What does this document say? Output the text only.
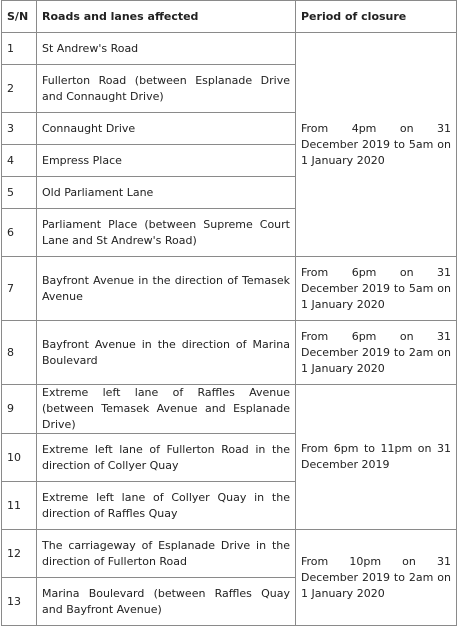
S/N	Roads and lanes affected	Period of closure
1	St Andrew's Road	From 4pm on 31 December 2019 to 5am on 1 January 2020
2	Fullerton Road (between Esplanade Drive and Connaught Drive)	
3	Connaught Drive	
4	Empress Place	
5	Old Parliament Lane	
6	Parliament Place (between Supreme Court Lane and St Andrew's Road)	
7	Bayfront Avenue in the direction of Temasek Avenue	From 6pm on 31 December 2019 to 5am on 1 January 2020
8	Bayfront Avenue in the direction of Marina Boulevard	From 6pm on 31 December 2019 to 2am on 1 January 2020
9	Extreme left lane of Raffles Avenue (between Temasek Avenue and Esplanade Drive)	From 6pm to 11pm on 31 December 2019
10	Extreme left lane of Fullerton Road in the direction of Collyer Quay	
11	Extreme left lane of Collyer Quay in the direction of Raffles Quay	
12	The carriageway of Esplanade Drive in the direction of Fullerton Road	From 10pm on 31 December 2019 to 2am on 1 January 2020
13	Marina Boulevard (between Raffles Quay and Bayfront Avenue)	
